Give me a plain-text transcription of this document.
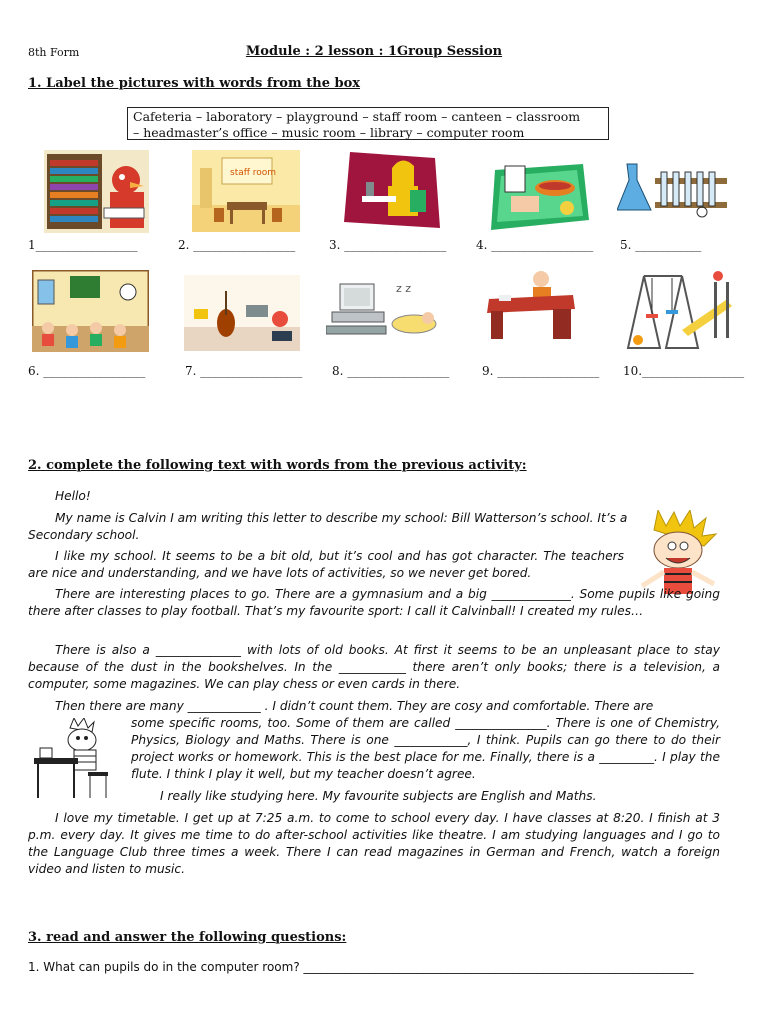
8th Form	Module : 2 lesson : 1Group Session
1. Label the pictures with words from the box
Cafeteria – laboratory – playground – staff room – canteen – classroom
– headmaster’s office – music room – library – computer room
staff room
1_________________	2. _________________	3. _________________ 4. _________________ 5. ___________
z z
6. _________________	7. _________________ 8. _________________	9. _________________ 10._________________
2. complete the following text with words from the previous activity:
Hello!
My name is Calvin I am writing this letter to describe my school: Bill Watterson’s school. It’s a Secondary school.
I like my school. It seems to be a bit old, but it’s cool and has got character. The teachers are nice and understanding, and we have lots of activities, so we never get bored.
There are interesting places to go. There are a gymnasium and a big _____________. Some pupils like going there after classes to play football. That’s my favourite sport: I call it Calvinball! I created my rules…
There is also a ______________ with lots of old books. At first it seems to be an unpleasant place to stay because of the dust in the bookshelves. In the ___________ there aren’t only books; there is a television, a computer, some magazines. We can play chess or even cards in there.
Then there are many ____________ . I didn’t count them. They are cosy and comfortable. There are
some specific rooms, too. Some of them are called _______________. There is one of Chemistry, Physics, Biology and Maths. There is one ____________, I think. Pupils can go there to do their project works or homework. This is the best place for me. Finally, there is a _________. I play the flute. I think I play it well, but my teacher doesn’t agree.
I really like studying here. My favourite subjects are English and Maths.
I love my timetable. I get up at 7:25 a.m. to come to school every day. I have classes at 8:20. I finish at 3 p.m. every day. It gives me time to do after-school activities like theatre. I am studying languages and I go to the Language Club three times a week. There I can read magazines in German and French, watch a foreign video and listen to music.
3. read and answer the following questions:
1. What can pupils do in the computer room? _________________________________________________________________
